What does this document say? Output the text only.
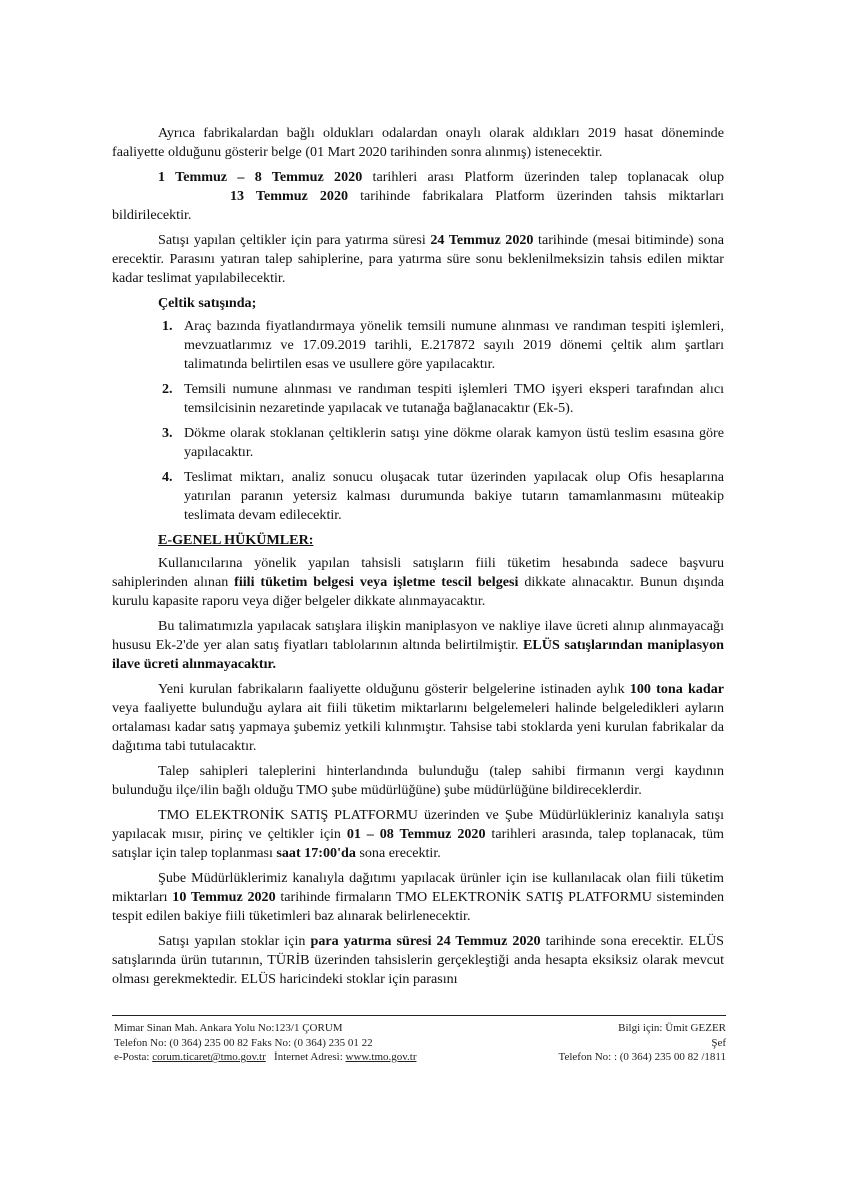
Ayrıca fabrikalardan bağlı oldukları odalardan onaylı olarak aldıkları 2019 hasat döneminde faaliyette olduğunu gösterir belge (01 Mart 2020 tarihinden sonra alınmış) istenecektir.

1 Temmuz – 8 Temmuz 2020 tarihleri arası Platform üzerinden talep toplanacak olup13 Temmuz 2020 tarihinde fabrikalara Platform üzerinden tahsis miktarları bildirilecektir.

Satışı yapılan çeltikler için para yatırma süresi 24 Temmuz 2020 tarihinde (mesai bitiminde) sona erecektir. Parasını yatıran talep sahiplerine, para yatırma süre sonu beklenilmeksizin tahsis edilen miktar kadar teslimat yapılabilecektir.

Çeltik satışında;
1. Araç bazında fiyatlandırmaya yönelik temsili numune alınması ve randıman tespiti işlemleri, mevzuatlarımız ve 17.09.2019 tarihli, E.217872 sayılı 2019 dönemi çeltik alım şartları talimatında belirtilen esas ve usullere göre yapılacaktır.
2. Temsili numune alınması ve randıman tespiti işlemleri TMO işyeri eksperi tarafından alıcı temsilcisinin nezaretinde yapılacak ve tutanağa bağlanacaktır (Ek-5).
3. Dökme olarak stoklanan çeltiklerin satışı yine dökme olarak kamyon üstü teslim esasına göre yapılacaktır.
4. Teslimat miktarı, analiz sonucu oluşacak tutar üzerinden yapılacak olup Ofis hesaplarına yatırılan paranın yetersiz kalması durumunda bakiye tutarın tamamlanmasını müteakip teslimata devam edilecektir.
E-GENEL HÜKÜMLER:

Kullanıcılarına yönelik yapılan tahsisli satışların fiili tüketim hesabında sadece başvuru sahiplerinden alınan fiili tüketim belgesi veya işletme tescil belgesi dikkate alınacaktır. Bunun dışında kurulu kapasite raporu veya diğer belgeler dikkate alınmayacaktır.

Bu talimatımızla yapılacak satışlara ilişkin maniplasyon ve nakliye ilave ücreti alınıp alınmayacağı hususu Ek-2'de yer alan satış fiyatları tablolarının altında belirtilmiştir. ELÜS satışlarından maniplasyon ilave ücreti alınmayacaktır.

Yeni kurulan fabrikaların faaliyette olduğunu gösterir belgelerine istinaden aylık 100 tona kadar veya faaliyette bulunduğu aylara ait fiili tüketim miktarlarını belgelemeleri halinde belgeledikleri ayların ortalaması kadar satış yapmaya şubemiz yetkili kılınmıştır. Tahsise tabi stoklarda yeni kurulan fabrikalar da dağıtıma tabi tutulacaktır.

Talep sahipleri taleplerini hinterlandında bulunduğu (talep sahibi firmanın vergi kaydının bulunduğu ilçe/ilin bağlı olduğu TMO şube müdürlüğüne) şube müdürlüğüne bildireceklerdir.

TMO ELEKTRONİK SATIŞ PLATFORMU üzerinden ve Şube Müdürlükleriniz kanalıyla satışı yapılacak mısır, pirinç ve çeltikler için 01 – 08 Temmuz 2020 tarihleri arasında, talep toplanacak, tüm satışlar için talep toplanması saat 17:00'da sona erecektir.

Şube Müdürlüklerimiz kanalıyla dağıtımı yapılacak ürünler için ise kullanılacak olan fiili tüketim miktarları 10 Temmuz 2020 tarihinde firmaların TMO ELEKTRONİK SATIŞ PLATFORMU sisteminden tespit edilen bakiye fiili tüketimleri baz alınarak belirlenecektir.

Satışı yapılan stoklar için para yatırma süresi 24 Temmuz 2020 tarihinde sona erecektir. ELÜS satışlarında ürün tutarının, TÜRİB üzerinden tahsislerin gerçekleştiği anda hesapta eksiksiz olarak mevcut olması gerekmektedir. ELÜS haricindeki stoklar için parasını

Mimar Sinan Mah. Ankara Yolu No:123/1 ÇORUM
Telefon No: (0 364) 235 00 82 Faks No: (0 364) 235 01 22
e-Posta: corum.ticaret@tmo.gov.tr   İnternet Adresi: www.tmo.gov.tr
Bilgi için: Ümit GEZER
Şef
Telefon No: : (0 364) 235 00 82 /1811
